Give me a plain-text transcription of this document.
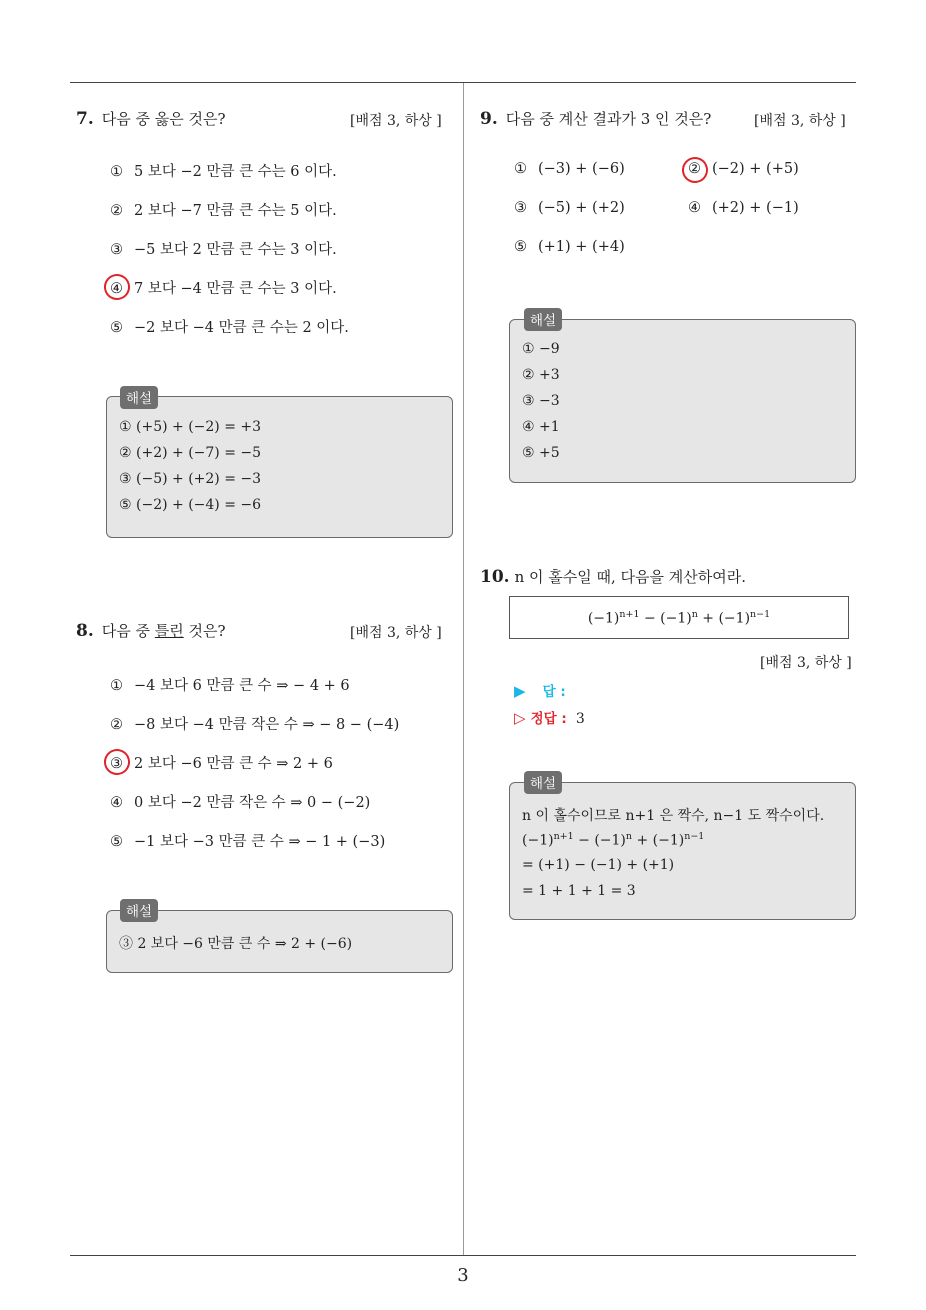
7. 다음 중 옳은 것은?	[배점 3, 하상 ]
① 5 보다 −2 만큼 큰 수는 6 이다.
② 2 보다 −7 만큼 큰 수는 5 이다.
③ −5 보다 2 만큼 큰 수는 3 이다.
④ 7 보다 −4 만큼 큰 수는 3 이다.
⑤ −2 보다 −4 만큼 큰 수는 2 이다.
① (+5) + (−2) = +3
② (+2) + (−7) = −5
③ (−5) + (+2) = −3
⑤ (−2) + (−4) = −6
해설
8. 다음 중 틀린 것은?	[배점 3, 하상 ]
① −4 보다 6 만큼 큰 수 ⇒ − 4 + 6
② −8 보다 −4 만큼 작은 수 ⇒ − 8 − (−4)
③ 2 보다 −6 만큼 큰 수 ⇒ 2 + 6
④ 0 보다 −2 만큼 작은 수 ⇒ 0 − (−2)
⑤ −1 보다 −3 만큼 큰 수 ⇒ − 1 + (−3)
③ 2 보다 −6 만큼 큰 수 ⇒ 2 + (−6)
해설
9. 다음 중 계산 결과가 3 인 것은?	[배점 3, 하상 ]
① (−3) + (−6)	② (−2) + (+5)
③ (−5) + (+2)	④ (+2) + (−1)
⑤ (+1) + (+4)
① −9
② +3
③ −3
④ +1
⑤ +5
해설
10. n 이 홀수일 때, 다음을 계산하여라.
$(-1)^{n+1} - (-1)^n + (-1)^{n-1}$
[배점 3, 하상 ]
▶ 답 :
▷ 정답 : 3
n 이 홀수이므로 n+1 은 짝수, n−1 도 짝수이다.
$(-1)^{n+1} - (-1)^n + (-1)^{n-1}$
= (+1) − (−1) + (+1)
= 1 + 1 + 1 = 3
해설
3
